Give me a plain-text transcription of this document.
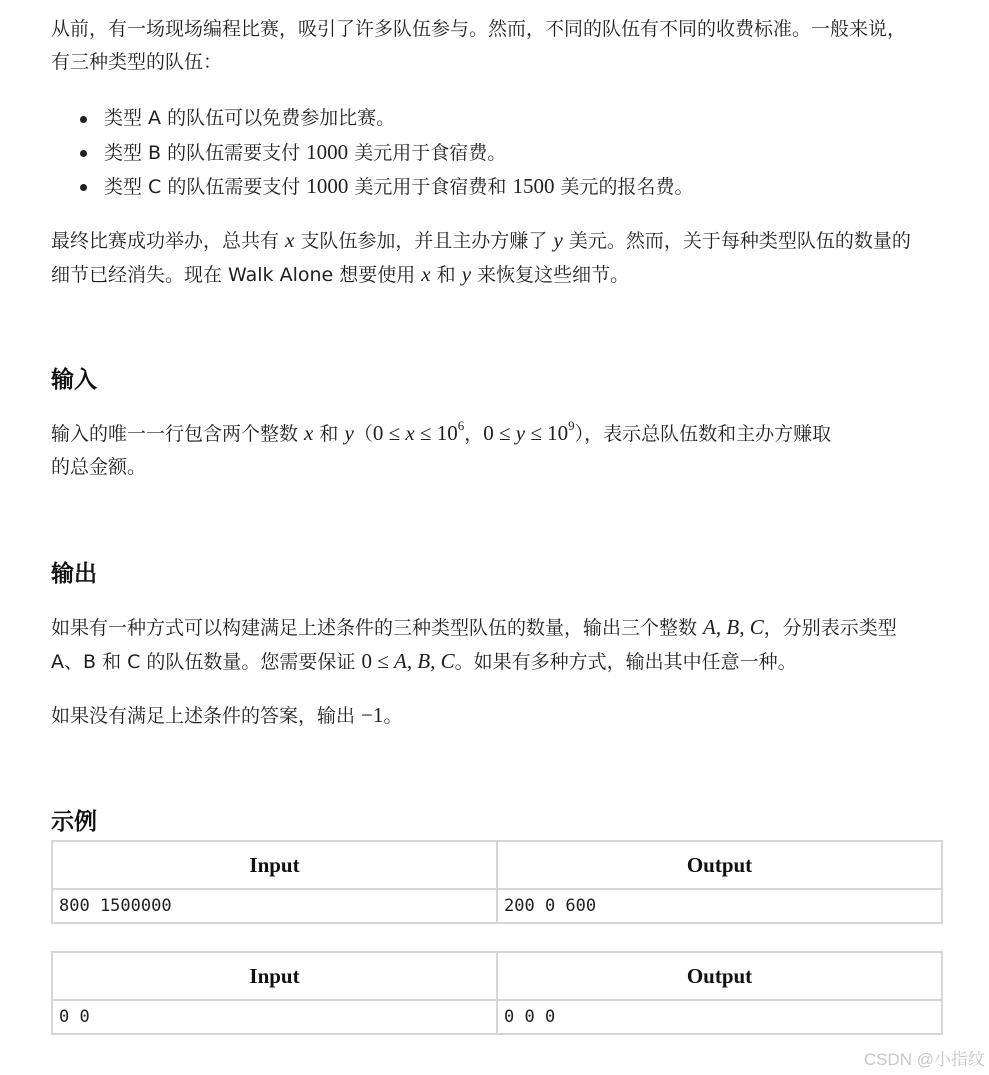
从前，有一场现场编程比赛，吸引了许多队伍参与。然而，不同的队伍有不同的收费标准。一般来说，
有三种类型的队伍：

类型 A 的队伍可以免费参加比赛。
类型 B 的队伍需要支付 1000 美元用于食宿费。
类型 C 的队伍需要支付 1000 美元用于食宿费和 1500 美元的报名费。

最终比赛成功举办，总共有 x 支队伍参加，并且主办方赚了 y 美元。然而，关于每种类型队伍的数量的
细节已经消失。现在 Walk Alone 想要使用 x 和 y 来恢复这些细节。

输入

输入的唯一一行包含两个整数 x 和 $y(0 \le x \le 10^6$，$0 \le y \le 10^9$），表示总队伍数和主办方赚取
的总金额。

输出

如果有一种方式可以构建满足上述条件的三种类型队伍的数量，输出三个整数 A, B, C，分别表示类型
A、B 和 C 的队伍数量。您需要保证 0 ≤ A, B, C。如果有多种方式，输出其中任意一种。

如果没有满足上述条件的答案，输出 −1。

示例
Input	Output
800 1500000	200 0 600
Input	Output
0 0	0 0 0
CSDN @小指纹
